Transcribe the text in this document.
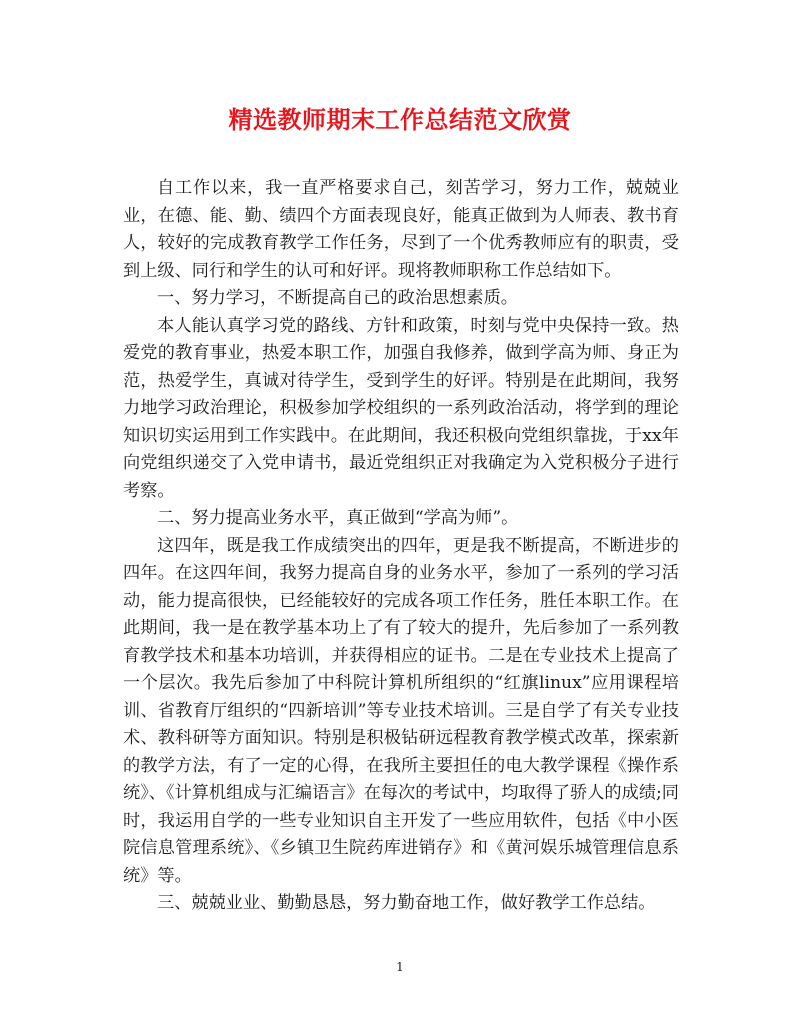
精选教师期末工作总结范文欣赏

自工作以来，我一直严格要求自己，刻苦学习，努力工作，兢兢业业，在德、能、勤、绩四个方面表现良好，能真正做到为人师表、教书育人，较好的完成教育教学工作任务，尽到了一个优秀教师应有的职责，受到上级、同行和学生的认可和好评。现将教师职称工作总结如下。

一、努力学习，不断提高自己的政治思想素质。

本人能认真学习党的路线、方针和政策，时刻与党中央保持一致。热爱党的教育事业，热爱本职工作，加强自我修养，做到学高为师、身正为范，热爱学生，真诚对待学生，受到学生的好评。特别是在此期间，我努力地学习政治理论，积极参加学校组织的一系列政治活动，将学到的理论知识切实运用到工作实践中。在此期间，我还积极向党组织靠拢，于xx年向党组织递交了入党申请书，最近党组织正对我确定为入党积极分子进行考察。

二、努力提高业务水平，真正做到“学高为师”。

这四年，既是我工作成绩突出的四年，更是我不断提高，不断进步的四年。在这四年间，我努力提高自身的业务水平，参加了一系列的学习活动，能力提高很快，已经能较好的完成各项工作任务，胜任本职工作。在此期间，我一是在教学基本功上了有了较大的提升，先后参加了一系列教育教学技术和基本功培训，并获得相应的证书。二是在专业技术上提高了一个层次。我先后参加了中科院计算机所组织的“红旗linux”应用课程培训、省教育厅组织的“四新培训”等专业技术培训。三是自学了有关专业技术、教科研等方面知识。特别是积极钻研远程教育教学模式改革，探索新的教学方法，有了一定的心得，在我所主要担任的电大教学课程《操作系统》、《计算机组成与汇编语言》在每次的考试中，均取得了骄人的成绩;同时，我运用自学的一些专业知识自主开发了一些应用软件，包括《中小医院信息管理系统》、《乡镇卫生院药库进销存》和《黄河娱乐城管理信息系统》等。

三、兢兢业业、勤勤恳恳，努力勤奋地工作，做好教学工作总结。

1
